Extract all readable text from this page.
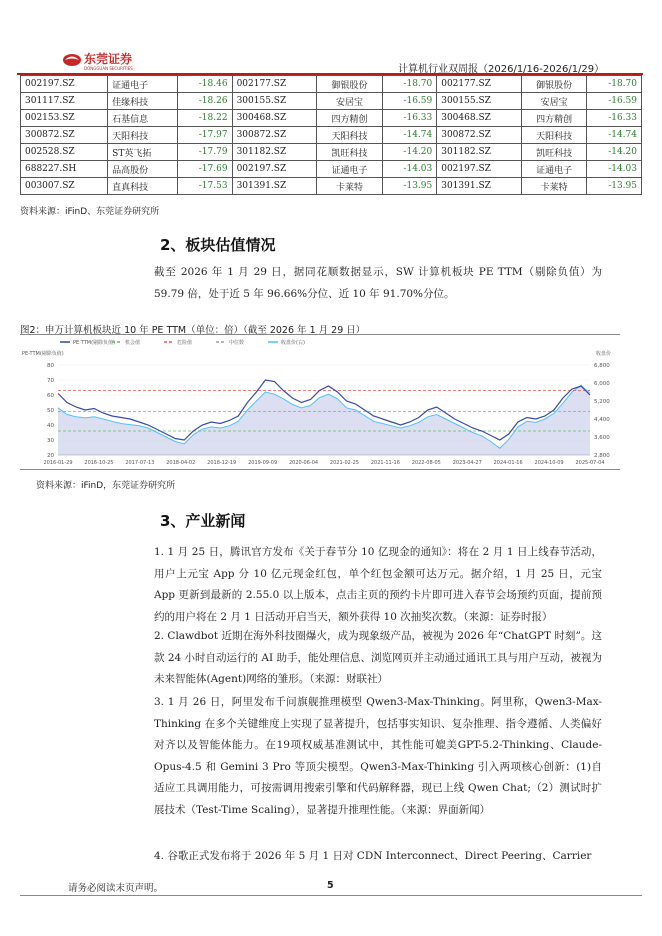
东莞证券
DONGGUAN SECURITIES	计算机行业双周报（2026/1/16-2026/1/29）
002197.SZ	证通电子	-18.46	002177.SZ	御银股份	-18.70	002177.SZ	御银股份	-18.70
301117.SZ	佳缘科技	-18.26	300155.SZ	安居宝	-16.59	300155.SZ	安居宝	-16.59
002153.SZ	石基信息	-18.22	300468.SZ	四方精创	-16.33	300468.SZ	四方精创	-16.33
300872.SZ	天阳科技	-17.97	300872.SZ	天阳科技	-14.74	300872.SZ	天阳科技	-14.74
002528.SZ	ST英飞拓	-17.79	301182.SZ	凯旺科技	-14.20	301182.SZ	凯旺科技	-14.20
688227.SH	品高股份	-17.69	002197.SZ	证通电子	-14.03	002197.SZ	证通电子	-14.03
003007.SZ	直真科技	-17.53	301391.SZ	卡莱特	-13.95	301391.SZ	卡莱特	-13.95
资料来源：iFinD、东莞证券研究所
2、板块估值情况
截至 2026 年 1 月 29 日，据同花顺数据显示，SW 计算机板块 PE TTM（剔除负值）为 59.79 倍，处于近 5 年 96.66%分位、近 10 年 91.70%分位。
图2：申万计算机板块近 10 年 PE TTM（单位：倍）（截至 2026 年 1 月 29 日）
PE TTM(剔除负值) 机会值	危险值	中位数	收盘价(右)
PE-TTM(剔除负值)	收盘价
80
70
60
50
40
30
20
6,800
6,000
5,200
4,400
3,600
2,800
2016-01-29 2016-10-25 2017-07-13 2018-04-02 2018-12-19 2019-09-09 2020-06-04 2021-02-25 2021-11-16 2022-08-05 2023-04-27 2024-01-16 2024-10-09 2025-07-04
资料来源：iFinD，东莞证券研究所
3、产业新闻
1. 1 月 25 日，腾讯官方发布《关于春节分 10 亿现金的通知》：将在 2 月 1 日上线春节活动，用户上元宝 App 分 10 亿元现金红包，单个红包金额可达万元。据介绍，1 月 25 日，元宝 App 更新到最新的 2.55.0 以上版本，点击主页的预约卡片即可进入春节会场预约页面，提前预约的用户将在 2 月 1 日活动开启当天，额外获得 10 次抽奖次数。（来源：证券时报）
2. Clawdbot 近期在海外科技圈爆火，成为现象级产品，被视为 2026 年“ChatGPT 时刻”。这款 24 小时自动运行的 AI 助手，能处理信息、浏览网页并主动通过通讯工具与用户互动，被视为未来智能体(Agent)网络的雏形。（来源：财联社）
3. 1 月 26 日，阿里发布千问旗舰推理模型 Qwen3-Max-Thinking。阿里称，Qwen3-Max-Thinking 在多个关键维度上实现了显著提升，包括事实知识、复杂推理、指令遵循、人类偏好对齐以及智能体能力。在19项权威基准测试中，其性能可媲美GPT-5.2-Thinking、Claude-Opus-4.5 和 Gemini 3 Pro 等顶尖模型。Qwen3-Max-Thinking 引入两项核心创新：(1)自适应工具调用能力，可按需调用搜索引擎和代码解释器，现已上线 Qwen Chat;（2）测试时扩展技术（Test-Time Scaling），显著提升推理性能。（来源：界面新闻）
4. 谷歌正式发布将于 2026 年 5 月 1 日对 CDN Interconnect、Direct Peering、Carrier
请务必阅读末页声明。	5
